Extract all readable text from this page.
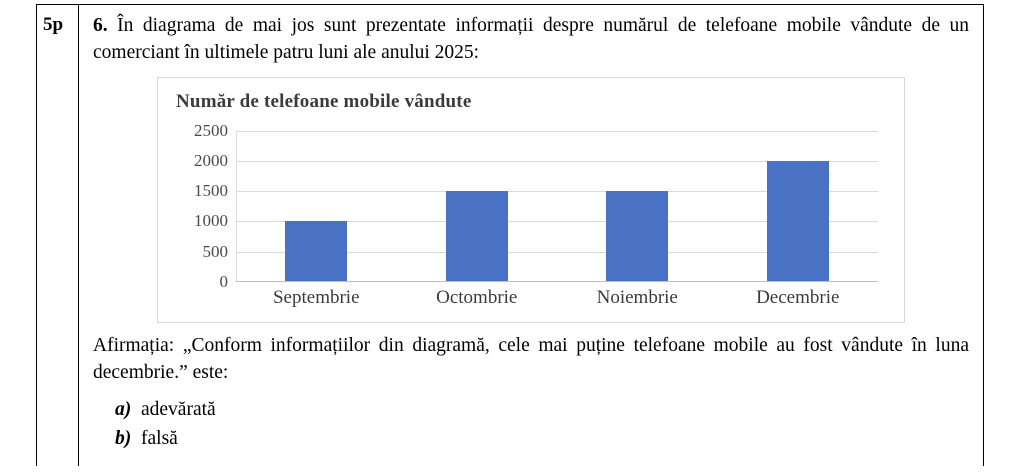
5p	6. În diagrama de mai jos sunt prezentate informații despre numărul de telefoane mobile vândute de un comerciant în ultimele patru luni ale anului 2025:

Număr de telefoane mobile vândute
2500
2000
1500
1000
500
0
Septembrie	Octombrie	Noiembrie	Decembrie

Afirmația: „Conform informațiilor din diagramă, cele mai puține telefoane mobile au fost vândute în luna decembrie.” este:

a) adevărată
b) falsă
